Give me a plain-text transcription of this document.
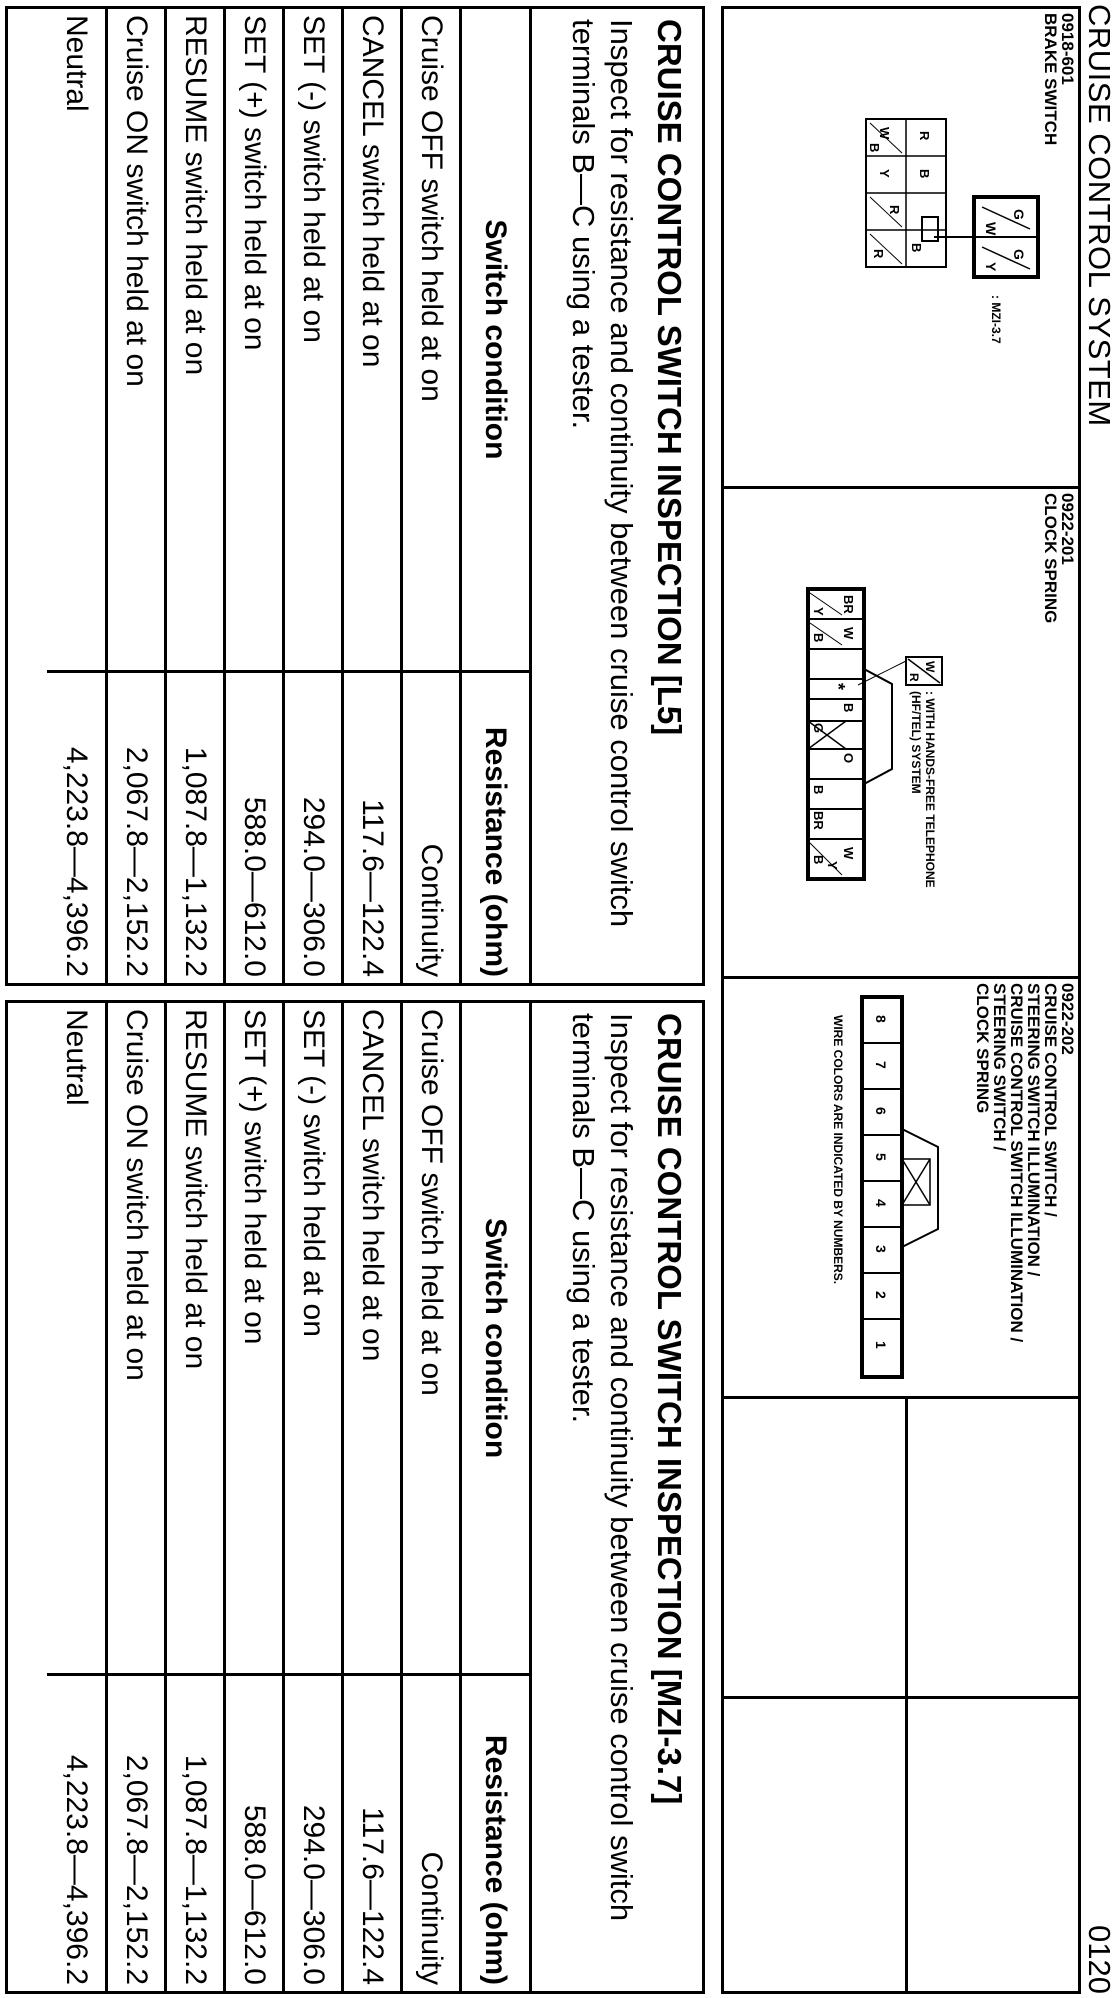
CRUISE CONTROL SYSTEM
0120
0918-601
BRAKE SWITCH
G
W
G
Y
R
B
B
W
R
Y
B
R
: MZI-3.7
0922-201
CLOCK SPRING
W
R
: WITH HANDS-FREE TELEPHONE
(HF/TEL) SYSTEM
BR
W
*
B
O
G
B
BR
W
B
Y
B
Y
0922-202
CRUISE CONTROL SWITCH /
STEERING SWITCH ILLUMINATION /
CRUISE CONTROL SWITCH ILLUMINATION /
STEERING SWITCH /
CLOCK SPRING
8
7
6
5
4
3
2
1
WIRE COLORS ARE INDICATED BY NUMBERS.
CRUISE CONTROL SWITCH INSPECTION [L5]
Inspect for resistance and continuity between cruise control switch terminals B—C using a tester.
Switch condition	Resistance (ohm)
Cruise OFF switch held at on	Continuity
CANCEL switch held at on	117.6—122.4
SET (-) switch held at on	294.0—306.0
SET (+) switch held at on	588.0—612.0
RESUME switch held at on	1,087.8—1,132.2
Cruise ON switch held at on	2,067.8—2,152.2
Neutral	4,223.8—4,396.2
CRUISE CONTROL SWITCH INSPECTION [MZI-3.7]
Inspect for resistance and continuity between cruise control switch terminals B—C using a tester.
Switch condition	Resistance (ohm)
Cruise OFF switch held at on	Continuity
CANCEL switch held at on	117.6—122.4
SET (-) switch held at on	294.0—306.0
SET (+) switch held at on	588.0—612.0
RESUME switch held at on	1,087.8—1,132.2
Cruise ON switch held at on	2,067.8—2,152.2
Neutral	4,223.8—4,396.2
